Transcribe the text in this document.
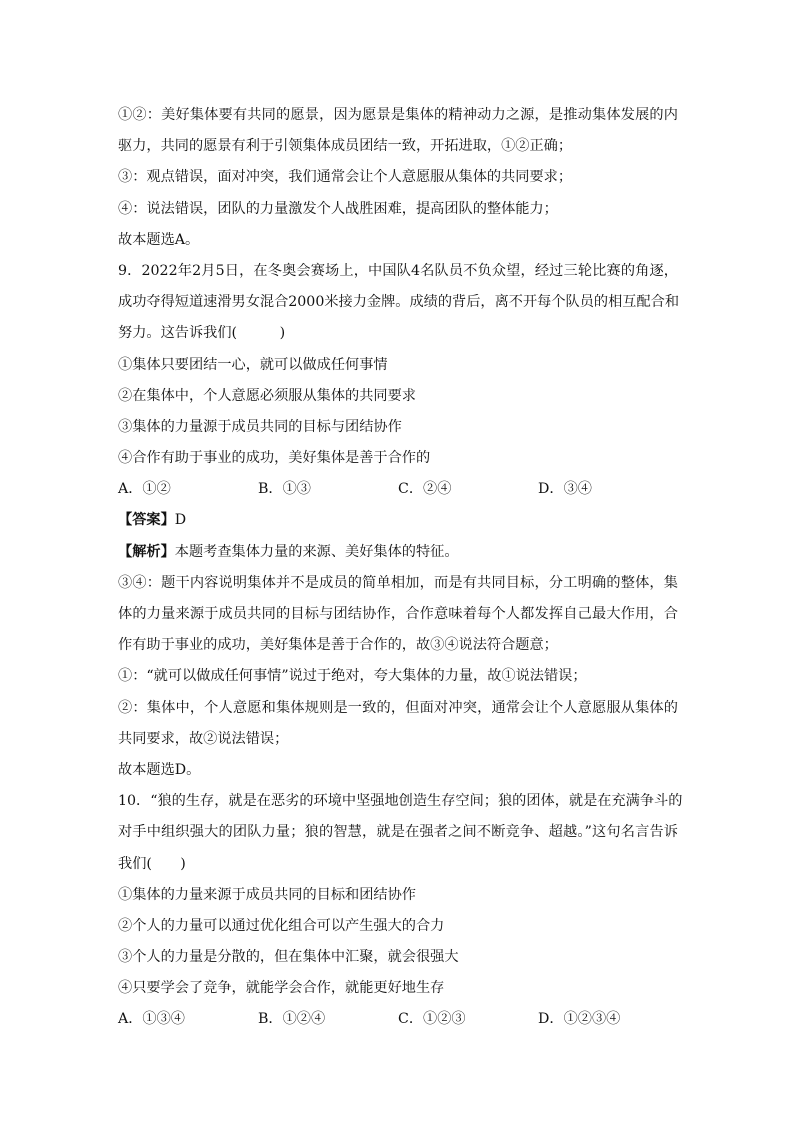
①②：美好集体要有共同的愿景，因为愿景是集体的精神动力之源，是推动集体发展的内
驱力，共同的愿景有利于引领集体成员团结一致，开拓进取，①②正确；
③：观点错误，面对冲突，我们通常会让个人意愿服从集体的共同要求；
④：说法错误，团队的力量激发个人战胜困难，提高团队的整体能力；
故本题选A。
9．2022年2月5日，在冬奥会赛场上，中国队4名队员不负众望，经过三轮比赛的角逐，
成功夺得短道速滑男女混合2000米接力金牌。成绩的背后，离不开每个队员的相互配合和
努力。这告诉我们(　　　)
①集体只要团结一心，就可以做成任何事情
②在集体中，个人意愿必须服从集体的共同要求
③集体的力量源于成员共同的目标与团结协作
④合作有助于事业的成功，美好集体是善于合作的
A．①②	B．①③	C．②④	D．③④
【答案】D
【解析】本题考查集体力量的来源、美好集体的特征。
③④：题干内容说明集体并不是成员的简单相加，而是有共同目标，分工明确的整体，集
体的力量来源于成员共同的目标与团结协作，合作意味着每个人都发挥自己最大作用，合
作有助于事业的成功，美好集体是善于合作的，故③④说法符合题意；
①：“就可以做成任何事情”说过于绝对，夸大集体的力量，故①说法错误；
②：集体中，个人意愿和集体规则是一致的，但面对冲突，通常会让个人意愿服从集体的
共同要求，故②说法错误；
故本题选D。
10．“狼的生存，就是在恶劣的环境中坚强地创造生存空间；狼的团体，就是在充满争斗的
对手中组织强大的团队力量；狼的智慧，就是在强者之间不断竞争、超越。”这句名言告诉
我们(　　)
①集体的力量来源于成员共同的目标和团结协作
②个人的力量可以通过优化组合可以产生强大的合力
③个人的力量是分散的，但在集体中汇聚，就会很强大
④只要学会了竞争，就能学会合作，就能更好地生存
A．①③④	B．①②④	C．①②③	D．①②③④
